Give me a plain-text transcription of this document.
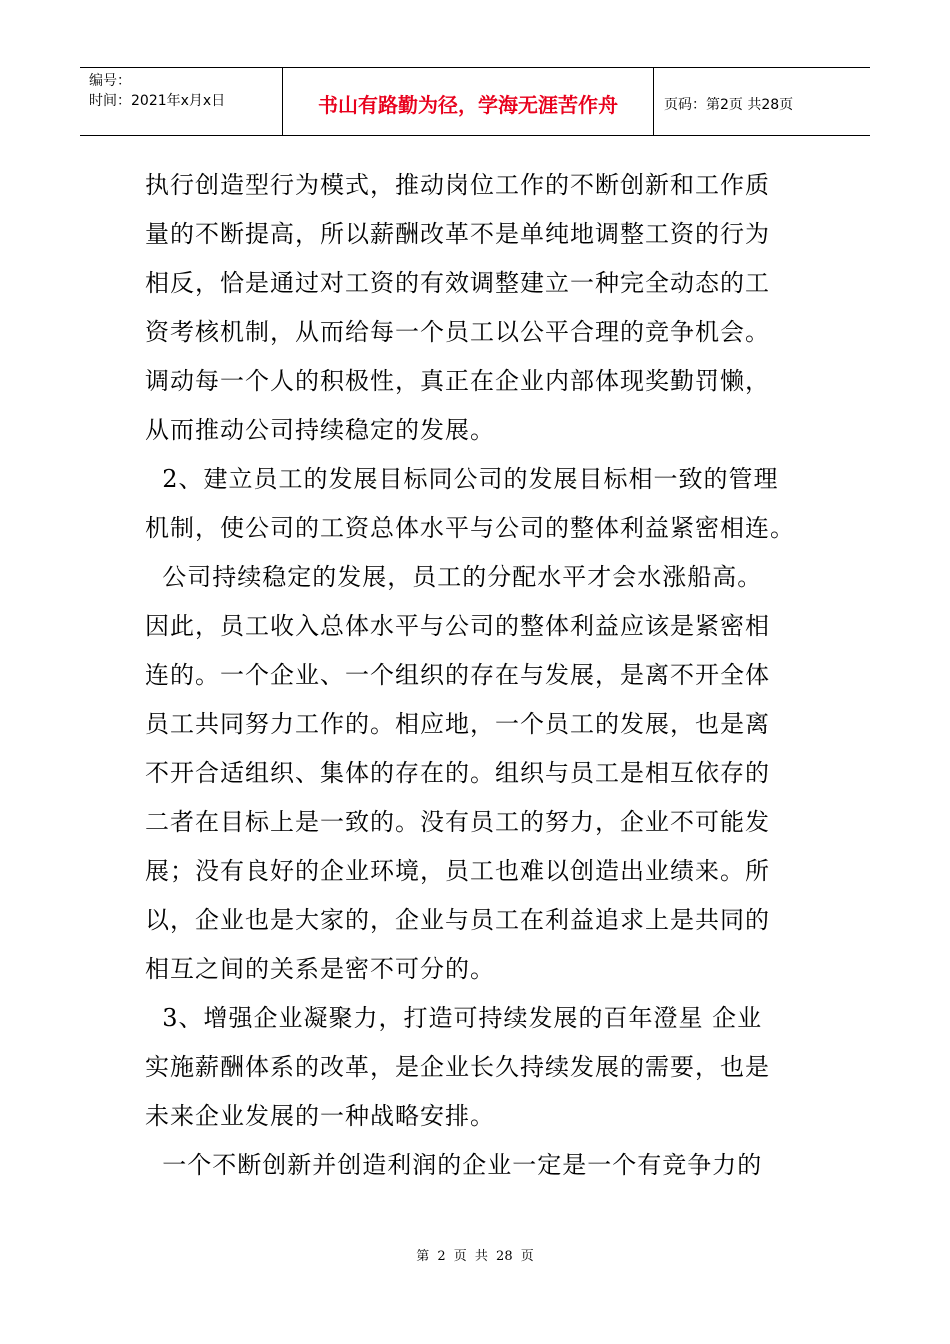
编号：
时间：2021年x月x日	书山有路勤为径，学海无涯苦作舟	页码：第2页 共28页
执行创造型行为模式，推动岗位工作的不断创新和工作质
量的不断提高，所以薪酬改革不是单纯地调整工资的行为
相反，恰是通过对工资的有效调整建立一种完全动态的工
资考核机制，从而给每一个员工以公平合理的竞争机会。
调动每一个人的积极性，真正在企业内部体现奖勤罚懒，
从而推动公司持续稳定的发展。
2、建立员工的发展目标同公司的发展目标相一致的管理
机制，使公司的工资总体水平与公司的整体利益紧密相连。
公司持续稳定的发展，员工的分配水平才会水涨船高。
因此，员工收入总体水平与公司的整体利益应该是紧密相
连的。一个企业、一个组织的存在与发展，是离不开全体
员工共同努力工作的。相应地，一个员工的发展，也是离
不开合适组织、集体的存在的。组织与员工是相互依存的
二者在目标上是一致的。没有员工的努力，企业不可能发
展；没有良好的企业环境，员工也难以创造出业绩来。所
以，企业也是大家的，企业与员工在利益追求上是共同的
相互之间的关系是密不可分的。
3、增强企业凝聚力，打造可持续发展的百年澄星 企业
实施薪酬体系的改革，是企业长久持续发展的需要，也是
未来企业发展的一种战略安排。
一个不断创新并创造利润的企业一定是一个有竞争力的
第 2 页 共 28 页
